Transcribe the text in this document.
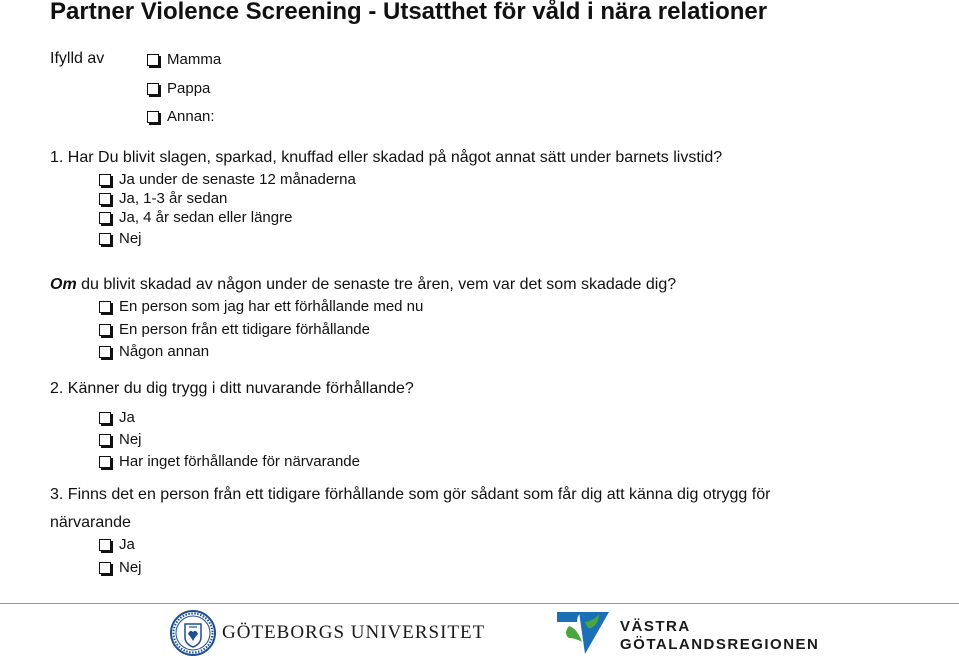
Partner Violence Screening - Utsatthet för våld i nära relationer
Ifylld av	Mamma
Pappa
Annan:
1. Har Du blivit slagen, sparkad, knuffad eller skadad på något annat sätt under barnets livstid?
Ja under de senaste 12 månaderna
Ja, 1-3 år sedan
Ja, 4 år sedan eller längre
Nej
Om du blivit skadad av någon under de senaste tre åren, vem var det som skadade dig?
En person som jag har ett förhållande med nu
En person från ett tidigare förhållande
Någon annan
2. Känner du dig trygg i ditt nuvarande förhållande?
Ja
Nej
Har inget förhållande för närvarande
3. Finns det en person från ett tidigare förhållande som gör sådant som får dig att känna dig otrygg för
närvarande
Ja
Nej
GÖTEBORGS UNIVERSITET	VÄSTRA
GÖTALANDSREGIONEN
